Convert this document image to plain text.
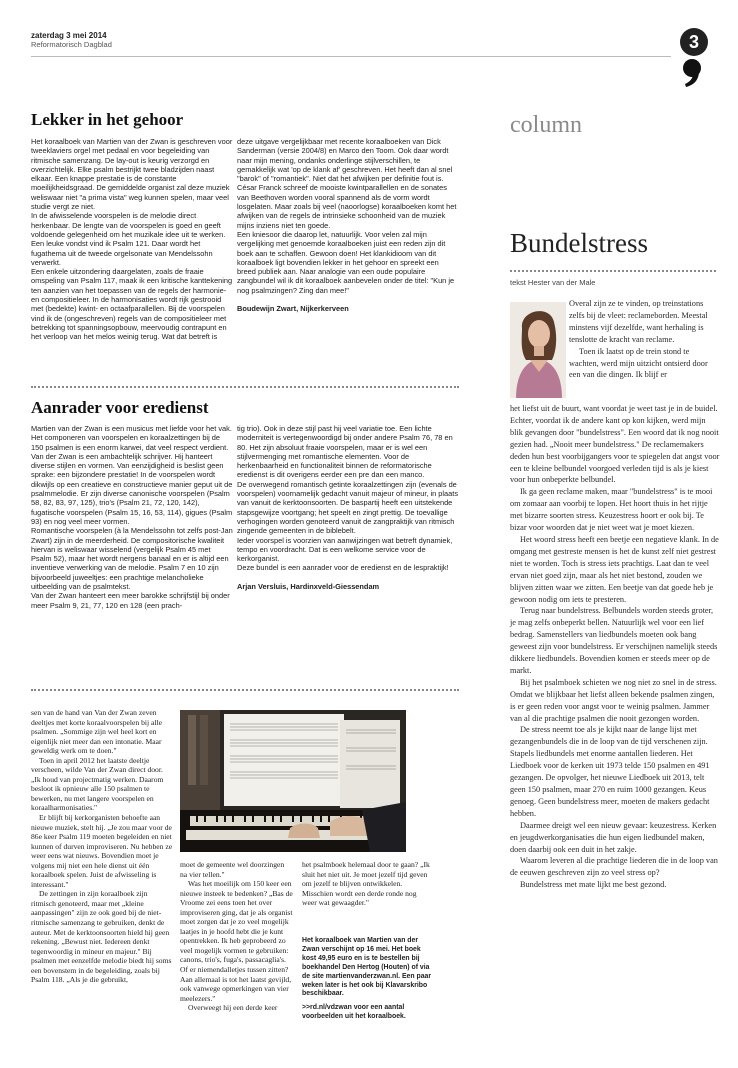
zaterdag 3 mei 2014
Reformatorisch Dagblad	3
Lekker in het gehoor

Het koraalboek van Martien van der Zwan is geschreven voor tweeklaviers orgel met pedaal en voor begeleiding van ritmische samenzang. De lay-out is keurig verzorgd en overzichtelijk. Elke psalm bestrijkt twee bladzijden naast elkaar. Een knappe prestatie is de constante moeilijkheidsgraad. De gemiddelde organist zal deze muziek weliswaar niet "a prima vista" weg kunnen spelen, maar veel studie vergt ze niet.

In de afwisselende voorspelen is de melodie direct herkenbaar. De lengte van de voorspelen is goed en geeft voldoende gelegenheid om het muzikale idee uit te werken. Een leuke vondst vind ik Psalm 121. Daar wordt het fugathema uit de tweede orgelsonate van Mendelssohn verwerkt.

Een enkele uitzondering daargelaten, zoals de fraaie omspeling van Psalm 117, maak ik een kritische kanttekening ten aanzien van het toepassen van de regels der harmonie- en compositieleer. In de harmonisaties wordt rijk gestrooid met (bedekte) kwint- en octaafparallellen. Bij de voorspelen vind ik de (ongeschreven) regels van de compositieleer met betrekking tot spanningsopbouw, meervoudig contrapunt en het verloop van het melos weinig terug. Wat dat betreft is

deze uitgave vergelijkbaar met recente koraalboeken van Dick Sanderman (versie 2004/8) en Marco den Toom. Ook daar wordt naar mijn mening, ondanks onderlinge stijlverschillen, te gemakkelijk wat 'op de klank af' geschreven. Het heeft dan al snel "barok" of "romantiek". Niet dat het afwijken per definitie fout is. César Franck schreef de mooiste kwintparallellen en de sonates van Beethoven worden vooral spannend als de vorm wordt losgelaten. Maar zoals bij veel (naoorlogse) koraalboeken komt het afwijken van de regels de intrinsieke schoonheid van de muziek mijns inziens niet ten goede.

Een kniesoor die daarop let, natuurlijk. Voor velen zal mijn vergelijking met genoemde koraalboeken juist een reden zijn dit boek aan te schaffen. Gewoon doen! Het klankidioom van dit koraalboek ligt bovendien lekker in het gehoor en spreekt een breed publiek aan. Naar analogie van een oude populaire zangbundel wil ik dit koraalboek aanbevelen onder de titel: "Kun je nog psalmzingen? Zing dan mee!"

Boudewijn Zwart, Nijkerkerveen

Aanrader voor eredienst

Martien van der Zwan is een musicus met liefde voor het vak. Het componeren van voorspelen en koraalzettingen bij de 150 psalmen is een enorm karwei, dat veel respect verdient. Van der Zwan is een ambachtelijk schrijver. Hij hanteert diverse stijlen en vormen. Van eenzijdigheid is beslist geen sprake: een bijzondere prestatie! In de voorspelen wordt dikwijls op een creatieve en constructieve manier geput uit de psalmmelodie. Er zijn diverse canonische voorspelen (Psalm 58, 82, 83, 97, 125), trio's (Psalm 21, 72, 120, 142), fugatische voorspelen (Psalm 15, 16, 53, 114), gigues (Psalm 93) en nog veel meer vormen.

Romantische voorspelen (à la Mendelssohn tot zelfs post-Jan Zwart) zijn in de meerderheid. De compositorische kwaliteit hiervan is weliswaar wisselend (vergelijk Psalm 45 met Psalm 52), maar het wordt nergens banaal en er is altijd een inventieve verwerking van de melodie. Psalm 7 en 10 zijn bijvoorbeeld juweeltjes: een prachtige melancholieke uitbeelding van de psalmtekst.

Van der Zwan hanteert een meer barokke schrijfstijl bij onder meer Psalm 9, 21, 77, 120 en 128 (een prach-

tig trio). Ook in deze stijl past hij veel variatie toe. Een lichte moderniteit is vertegenwoordigd bij onder andere Psalm 76, 78 en 80. Het zijn absoluut fraaie voorspelen, maar er is wel een stijlvermenging met romantische elementen. Voor de herkenbaarheid en functionaliteit binnen de reformatorische eredienst is dit overigens eerder een pre dan een manco.

De overwegend romantisch getinte koraalzettingen zijn (evenals de voorspelen) voornamelijk gedacht vanuit majeur of mineur, in plaats van vanuit de kerktoonsoorten. De baspartij heeft een uitstekende stapsgewijze voortgang; het speelt en zingt prettig. De toevallige verhogingen worden genoteerd vanuit de zangpraktijk van ritmisch zingende gemeenten in de biblebelt.

Ieder voorspel is voorzien van aanwijzingen wat betreft dynamiek, tempo en voordracht. Dat is een welkome service voor de kerkorganist.

Deze bundel is een aanrader voor de eredienst en de lespraktijk!

Arjan Versluis, Hardinxveld-Giessendam

sen van de hand van Van der Zwan zeven deeltjes met korte koraalvoorspelen bij alle psalmen. „Sommige zijn wel heel kort en eigenlijk niet meer dan een intonatie. Maar geweldig werk om te doen."

Toen in april 2012 het laatste deeltje verscheen, wilde Van der Zwan direct door. „Ik houd van projectmatig werken. Daarom besloot ik opnieuw alle 150 psalmen te bewerken, nu met langere voorspelen en koraalharmonisaties."

Er blijft bij kerkorganisten behoefte aan nieuwe muziek, stelt hij. „Je zou maar voor de 86e keer Psalm 119 moeten begeleiden en niet kunnen of durven improviseren. Nu hebben ze weer eens wat nieuws. Bovendien moet je volgens mij niet een hele dienst uit één koraalboek spelen. Juist de afwisseling is interessant."

De zettingen in zijn koraalboek zijn ritmisch genoteerd, maar met „kleine aanpassingen" zijn ze ook goed bij de niet-ritmische samenzang te gebruiken, denkt de auteur. Met de kerktoonsoorten hield hij geen rekening. „Bewust niet. Iedereen denkt tegenwoordig in mineur en majeur." Bij psalmen met eenzelfde melodie biedt hij soms een bovenstem in de begeleiding, zoals bij Psalm 118. „Als je die gebruikt,

moet de gemeente wel doorzingen na vier tellen."

Was het moeilijk om 150 keer een nieuwe insteek te bedenken? „Bas de Vroome zei eens toen het over improviseren ging, dat je als organist moet zorgen dat je zo veel mogelijk laatjes in je hoofd hebt die je kunt opentrekken. Ik heb geprobeerd zo veel mogelijk vormen te gebruiken: canons, trio's, fuga's, passacaglia's. Of er niemendalletjes tussen zitten? Aan allemaal is tot het laatst gevijld, ook vanwege opmerkingen van vier meelezers."

Overweegt hij een derde keer

het psalmboek helemaal door te gaan? „Ik sluit het niet uit. Je moet jezelf tijd geven om jezelf te blijven ontwikkelen. Misschien wordt een derde ronde nog weer wat gewaagder."

Het koraalboek van Martien van der Zwan verschijnt op 16 mei. Het boek kost 49,95 euro en is te bestellen bij boekhandel Den Hertog (Houten) of via de site martienvanderzwan.nl. Een paar weken later is het ook bij Klavarskribo beschikbaar.

>>rd.nl/vdzwan voor een aantal voorbeelden uit het koraalboek.

column
Bundelstress
tekst Hester van der Male

Overal zijn ze te vinden, op treinstations zelfs bij de vleet: reclameborden. Meestal minstens vijf dezelfde, want herhaling is tenslotte de kracht van reclame.

Toen ik laatst op de trein stond te wachten, werd mijn uitzicht ontsierd door een van die dingen. Ik blijf er

het liefst uit de buurt, want voordat je weet tast je in de buidel. Echter, voordat ik de andere kant op kon kijken, werd mijn blik gevangen door "bundelstress". Een woord dat ik nog nooit gezien had. „Nooit meer bundelstress." De reclamemakers deden hun best voorbijgangers voor te spiegelen dat angst voor een te kleine belbundel voorgoed verleden tijd is als je kiest voor hun onbeperkte belbundel.

Ik ga geen reclame maken, maar "bundelstress" is te mooi om zomaar aan voorbij te lopen. Het hoort thuis in het rijtje met bizarre soorten stress. Keuzestress hoort er ook bij. Te bizar voor woorden dat je niet weet wat je moet kiezen.

Het woord stress heeft een beetje een negatieve klank. In de omgang met gestreste mensen is het de kunst zelf niet gestrest niet te worden. Toch is stress iets prachtigs. Laat dan te veel ervan niet goed zijn, maar als het niet bestond, zouden we blijven zitten waar we zitten. Een beetje van dat goede heb je gewoon nodig om iets te presteren.

Terug naar bundelstress. Belbundels worden steeds groter, je mag zelfs onbeperkt bellen. Natuurlijk wel voor een lief bedrag. Samenstellers van liedbundels moeten ook bang geweest zijn voor bundelstress. Er verschijnen namelijk steeds dikkere liedbundels. Bovendien komen er steeds meer op de markt.

Bij het psalmboek schieten we nog niet zo snel in de stress. Omdat we blijkbaar het liefst alleen bekende psalmen zingen, is er geen reden voor angst voor te weinig psalmen. Jammer van al die prachtige psalmen die nooit gezongen worden.

De stress neemt toe als je kijkt naar de lange lijst met gezangenbundels die in de loop van de tijd verschenen zijn. Stapels liedbundels met enorme aantallen liederen. Het Liedboek voor de kerken uit 1973 telde 150 psalmen en 491 gezangen. De opvolger, het nieuwe Liedboek uit 2013, telt geen 150 psalmen, maar 270 en ruim 1000 gezangen. Keus genoeg. Geen bundelstress meer, moeten de makers gedacht hebben.

Daarmee dreigt wel een nieuw gevaar: keuzestress. Kerken en jeugdwerkorganisaties die hun eigen liedbundel maken, doen daarbij ook een duit in het zakje.

Waarom leveren al die prachtige liederen die in de loop van de eeuwen geschreven zijn zo veel stress op?

Bundelstress met mate lijkt me best gezond.
